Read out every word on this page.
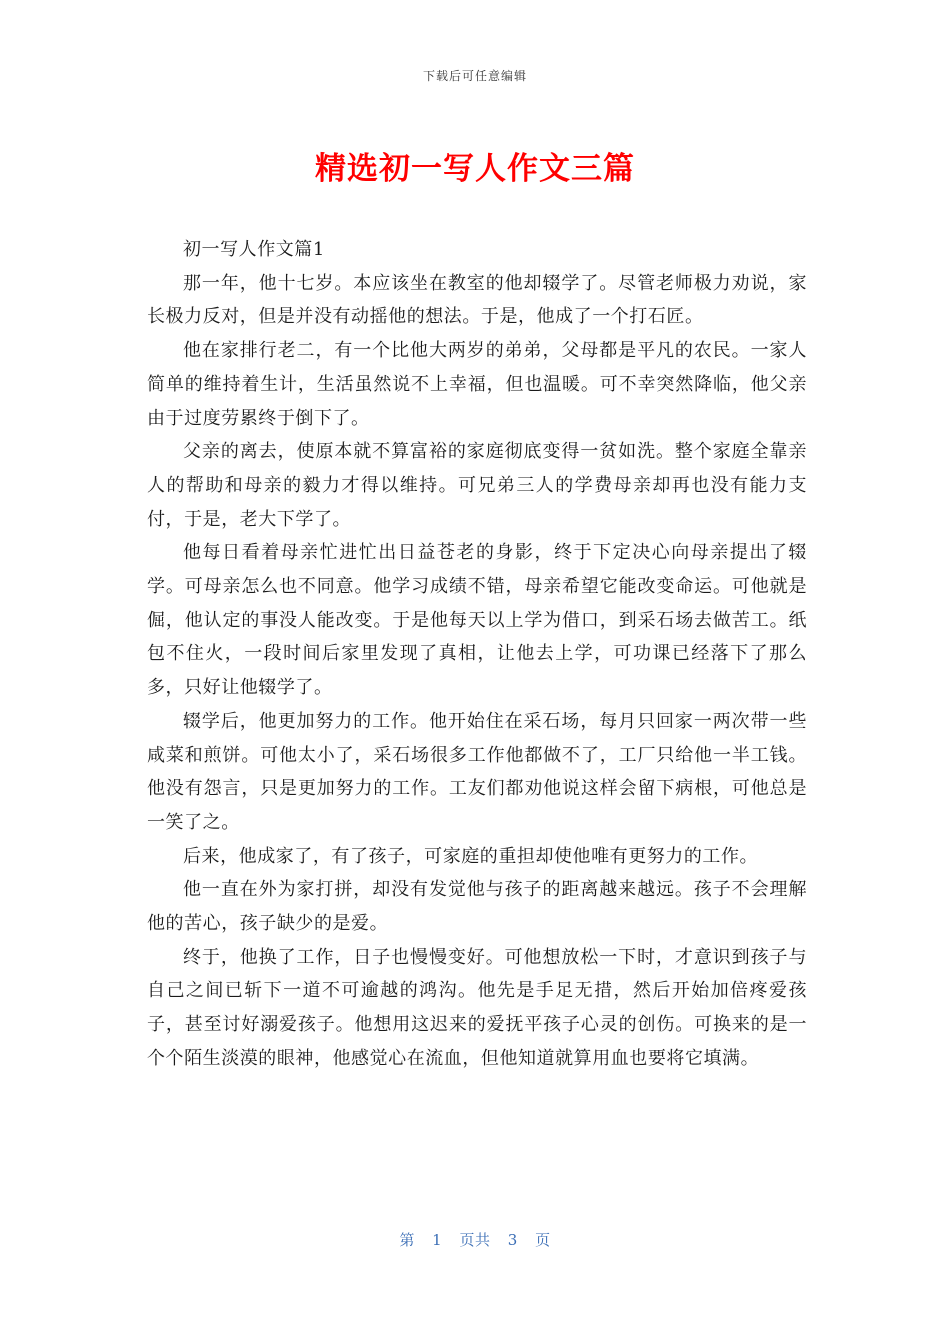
下载后可任意编辑
精选初一写人作文三篇

初一写人作文篇1

那一年，他十七岁。本应该坐在教室的他却辍学了。尽管老师极力劝说，家长极力反对，但是并没有动摇他的想法。于是，他成了一个打石匠。

他在家排行老二，有一个比他大两岁的弟弟，父母都是平凡的农民。一家人简单的维持着生计，生活虽然说不上幸福，但也温暖。可不幸突然降临，他父亲由于过度劳累终于倒下了。

父亲的离去，使原本就不算富裕的家庭彻底变得一贫如洗。整个家庭全靠亲人的帮助和母亲的毅力才得以维持。可兄弟三人的学费母亲却再也没有能力支付，于是，老大下学了。

他每日看着母亲忙进忙出日益苍老的身影，终于下定决心向母亲提出了辍学。可母亲怎么也不同意。他学习成绩不错，母亲希望它能改变命运。可他就是倔，他认定的事没人能改变。于是他每天以上学为借口，到采石场去做苦工。纸包不住火，一段时间后家里发现了真相，让他去上学，可功课已经落下了那么多，只好让他辍学了。

辍学后，他更加努力的工作。他开始住在采石场，每月只回家一两次带一些咸菜和煎饼。可他太小了，采石场很多工作他都做不了，工厂只给他一半工钱。他没有怨言，只是更加努力的工作。工友们都劝他说这样会留下病根，可他总是一笑了之。

后来，他成家了，有了孩子，可家庭的重担却使他唯有更努力的工作。

他一直在外为家打拼，却没有发觉他与孩子的距离越来越远。孩子不会理解他的苦心，孩子缺少的是爱。

终于，他换了工作，日子也慢慢变好。可他想放松一下时，才意识到孩子与自己之间已斩下一道不可逾越的鸿沟。他先是手足无措，然后开始加倍疼爱孩子，甚至讨好溺爱孩子。他想用这迟来的爱抚平孩子心灵的创伤。可换来的是一个个陌生淡漠的眼神，他感觉心在流血，但他知道就算用血也要将它填满。

第 1 页共 3 页
